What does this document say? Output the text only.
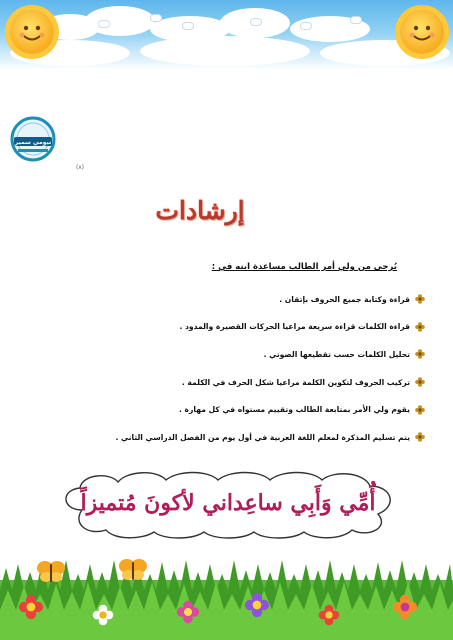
نيومي سمير
(٨)
إرشادات
يُرجى من ولي أمر الطالب مساعدة ابنه في :
قراءة وكتابة جميع الحروف بإتقان .
قراءة الكلمات قراءة سريعة مراعيا الحركات القصيرة والمدود .
تحليل الكلمات حسب تقطيعها الصوتي .
تركيب الحروف لتكوين الكلمة مراعيا شكل الحرف في الكلمة .
يقوم ولي الأمر بمتابعة الطالب وتقييم مستواه في كل مهارة .
يتم تسليم المذكرة لمعلم اللغة العربية في أول يوم من الفصل الدراسي الثاني .
أُمِّي وَأَبِي ساعِداني لأكونَ مُتميزاً
